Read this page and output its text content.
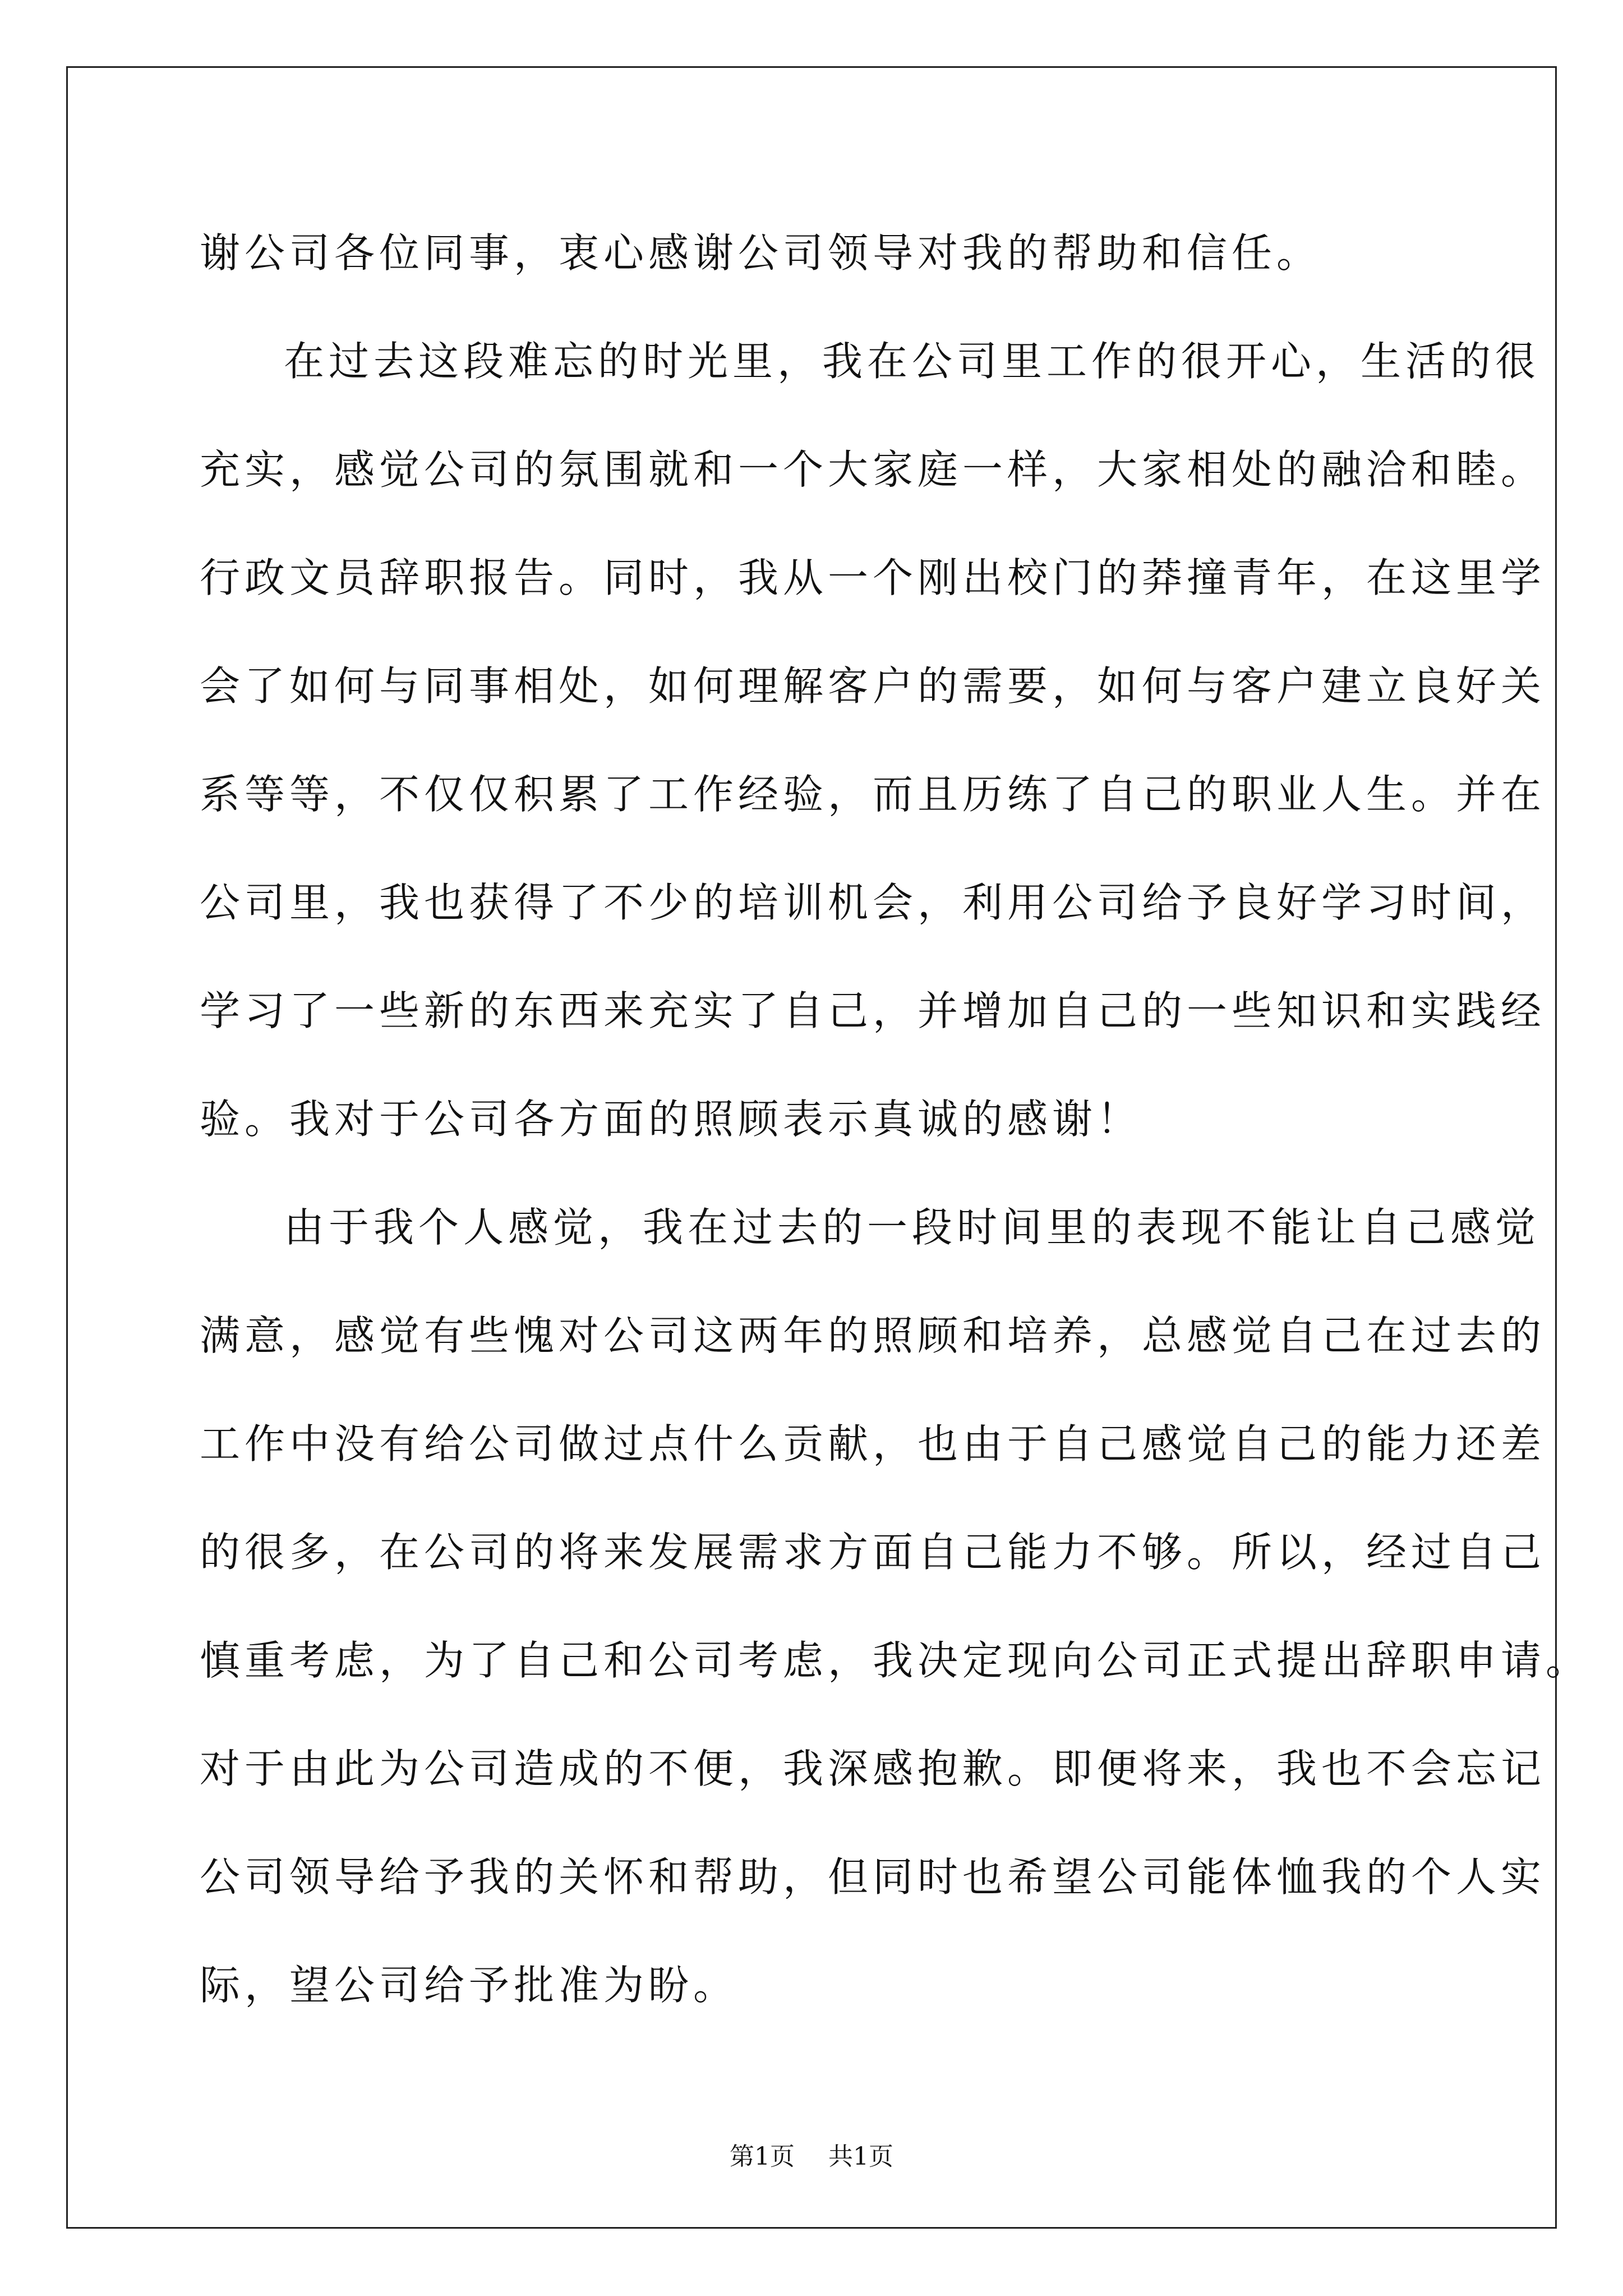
谢公司各位同事，衷心感谢公司领导对我的帮助和信任。
在过去这段难忘的时光里，我在公司里工作的很开心，生活的很
充实，感觉公司的氛围就和一个大家庭一样，大家相处的融洽和睦。
行政文员辞职报告。同时，我从一个刚出校门的莽撞青年，在这里学
会了如何与同事相处，如何理解客户的需要，如何与客户建立良好关
系等等，不仅仅积累了工作经验，而且历练了自己的职业人生。并在
公司里，我也获得了不少的培训机会，利用公司给予良好学习时间，
学习了一些新的东西来充实了自己，并增加自己的一些知识和实践经
验。我对于公司各方面的照顾表示真诚的感谢！
由于我个人感觉，我在过去的一段时间里的表现不能让自己感觉
满意，感觉有些愧对公司这两年的照顾和培养，总感觉自己在过去的
工作中没有给公司做过点什么贡献，也由于自己感觉自己的能力还差
的很多，在公司的将来发展需求方面自己能力不够。所以，经过自己
慎重考虑，为了自己和公司考虑，我决定现向公司正式提出辞职申请。
对于由此为公司造成的不便，我深感抱歉。即便将来，我也不会忘记
公司领导给予我的关怀和帮助，但同时也希望公司能体恤我的个人实
际，望公司给予批准为盼。
第1页 共1页
